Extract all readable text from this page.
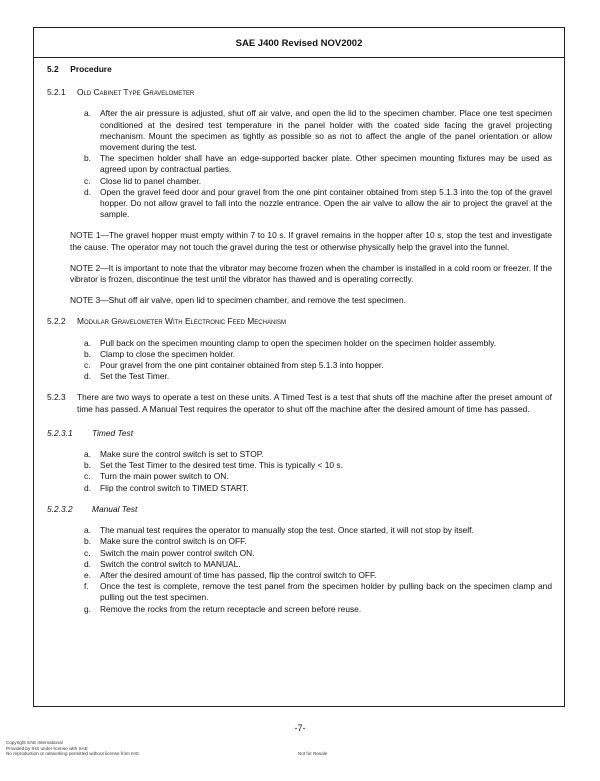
SAE J400 Revised NOV2002
5.2 Procedure
5.2.1	Old Cabinet Type Gravelometer
a.	After the air pressure is adjusted, shut off air valve, and open the lid to the specimen chamber. Place one test specimen conditioned at the desired test temperature in the panel holder with the coated side facing the gravel projecting mechanism. Mount the specimen as tightly as possible so as not to affect the angle of the panel orientation or allow movement during the test.
b.	The specimen holder shall have an edge-supported backer plate. Other specimen mounting fixtures may be used as agreed upon by contractual parties.
c.	Close lid to panel chamber.
d.	Open the gravel feed door and pour gravel from the one pint container obtained from step 5.1.3 into the top of the gravel hopper. Do not allow gravel to fall into the nozzle entrance. Open the air valve to allow the air to project the gravel at the sample.
NOTE 1—The gravel hopper must empty within 7 to 10 s. If gravel remains in the hopper after 10 s, stop the test and investigate the cause. The operator may not touch the gravel during the test or otherwise physically help the gravel into the funnel.
NOTE 2—It is important to note that the vibrator may become frozen when the chamber is installed in a cold room or freezer. If the vibrator is frozen, discontinue the test until the vibrator has thawed and is operating correctly.
NOTE 3—Shut off air valve, open lid to specimen chamber, and remove the test specimen.
5.2.2	Modular Gravelometer With Electronic Feed Mechanism
a.	Pull back on the specimen mounting clamp to open the specimen holder on the specimen holder assembly.
b.	Clamp to close the specimen holder.
c.	Pour gravel from the one pint container obtained from step 5.1.3 into hopper.
d.	Set the Test Timer.
5.2.3	There are two ways to operate a test on these units. A Timed Test is a test that shuts off the machine after the preset amount of time has passed. A Manual Test requires the operator to shut off the machine after the desired amount of time has passed.
5.2.3.1	Timed Test
a.	Make sure the control switch is set to STOP.
b.	Set the Test Timer to the desired test time. This is typically < 10 s.
c.	Turn the main power switch to ON.
d.	Flip the control switch to TIMED START.
5.2.3.2	Manual Test
a.	The manual test requires the operator to manually stop the test. Once started, it will not stop by itself.
b.	Make sure the control switch is on OFF.
c.	Switch the main power control switch ON.
d.	Switch the control switch to MANUAL.
e.	After the desired amount of time has passed, flip the control switch to OFF.
f.	Once the test is complete, remove the test panel from the specimen holder by pulling back on the specimen clamp and pulling out the test specimen.
g.	Remove the rocks from the return receptacle and screen before reuse.
-7-
Copyright SAE International
Provided by IHS under license with SAE
No reproduction or networking permitted without license from IHS	Not for Resale
